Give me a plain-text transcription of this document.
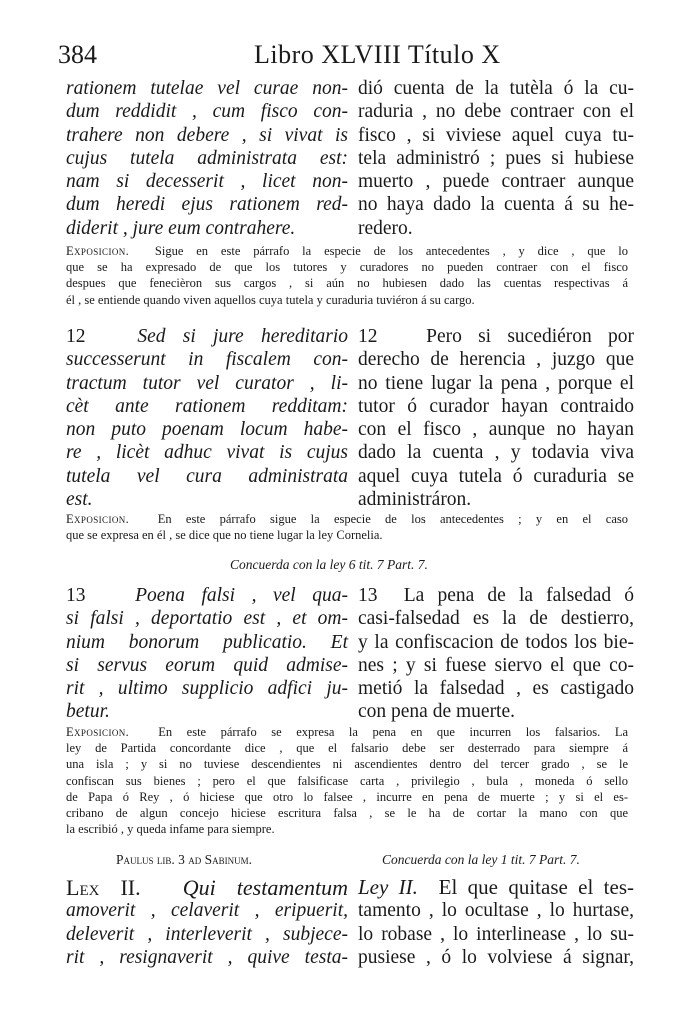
384	Libro XLVIII Título X
rationem tutelae vel curae non-
dum reddidit , cum fisco con-
trahere non debere , si vivat is
cujus tutela administrata est:
nam si decesserit , licet non-
dum heredi ejus rationem red-
diderit , jure eum contrahere.
dió cuenta de la tutèla ó la cu-
raduria , no debe contraer con el
fisco , si viviese aquel cuya tu-
tela administró ; pues si hubiese
muerto , puede contraer aunque
no haya dado la cuenta á su he-
redero.
Exposicion. Sigue en este párrafo la especie de los antecedentes , y dice , que lo
que se ha expresado de que los tutores y curadores no pueden contraer con el fisco
despues que fenecièron sus cargos , si aún no hubiesen dado las cuentas respectivas á
él , se entiende quando viven aquellos cuya tutela y curaduria tuviéron á su cargo.
12	Sed si jure hereditario
successerunt in fiscalem con-
tractum tutor vel curator , li-
cèt ante rationem redditam:
non puto poenam locum habe-
re , licèt adhuc vivat is cujus
tutela vel cura administrata
est.
12 Pero si sucediéron por
derecho de herencia , juzgo que
no tiene lugar la pena , porque el
tutor ó curador hayan contraido
con el fisco , aunque no hayan
dado la cuenta , y todavia viva
aquel cuya tutela ó curaduria se
administráron.
Exposicion. En este párrafo sigue la especie de los antecedentes ; y en el caso
que se expresa en él , se dice que no tiene lugar la ley Cornelia.
Concuerda con la ley 6 tit. 7 Part. 7.
13	Poena falsi , vel qua-
si falsi , deportatio est , et om-
nium bonorum publicatio. Et
si servus eorum quid admise-
rit , ultimo supplicio adfici ju-
betur.
13 La pena de la falsedad ó
casi-falsedad es la de destierro,
y la confiscacion de todos los bie-
nes ; y si fuese siervo el que co-
metió la falsedad , es castigado
con pena de muerte.
Exposicion. En este párrafo se expresa la pena en que incurren los falsarios. La
ley de Partida concordante dice , que el falsario debe ser desterrado para siempre á
una isla ; y si no tuviese descendientes ni ascendientes dentro del tercer grado , se le
confiscan sus bienes ; pero el que falsificase carta , privilegio , bula , moneda ó sello
de Papa ó Rey , ó hiciese que otro lo falsee , incurre en pena de muerte ; y si el es-
cribano de algun concejo hiciese escritura falsa , se le ha de cortar la mano con que
la escribió , y queda infame para siempre.
Paulus lib. 3 ad Sabinum.	Concuerda con la ley 1 tit. 7 Part. 7.
Lex II. Qui testamentum
amoverit , celaverit , eripuerit,
deleverit , interleverit , subjece-
rit , resignaverit , quive testa-
Ley II. El que quitase el tes-
tamento , lo ocultase , lo hurtase,
lo robase , lo interlinease , lo su-
pusiese , ó lo volviese á signar,
